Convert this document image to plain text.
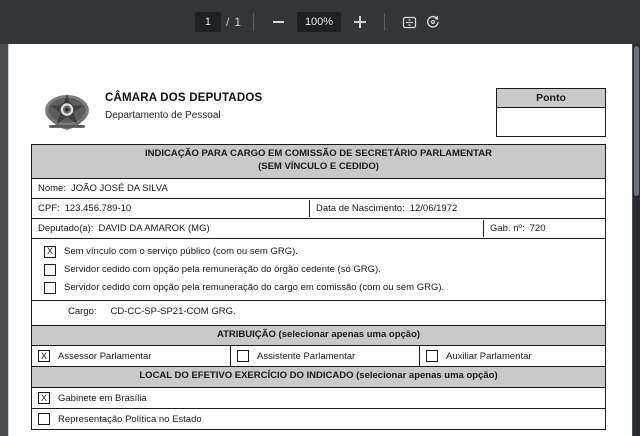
1	/ 1	100%
CÂMARA DOS DEPUTADOS
Departamento de Pessoal
Ponto
INDICAÇÃO PARA CARGO EM COMISSÃO DE SECRETÁRIO PARLAMENTAR
(SEM VÍNCULO E CEDIDO)
Nome: JOÃO JOSÉ DA SILVA
CPF: 123.456.789-10	Data de Nascimento: 12/06/1972
Deputado(a): DAVID DA AMAROK (MG)	Gab. nº: 720
X	Sem vínculo com o serviço público (com ou sem GRG).
Servidor cedido com opção pela remuneração do órgão cedente (só GRG).
Servidor cedido com opção pela remuneração do cargo em comissão (com ou sem GRG).
Cargo: CD-CC-SP-SP21-COM GRG.
ATRIBUIÇÃO (selecionar apenas uma opção)
X	Assessor Parlamentar	Assistente Parlamentar	Auxiliar Parlamentar
LOCAL DO EFETIVO EXERCÍCIO DO INDICADO (selecionar apenas uma opção)
X	Gabinete em Brasília
Representação Política no Estado
